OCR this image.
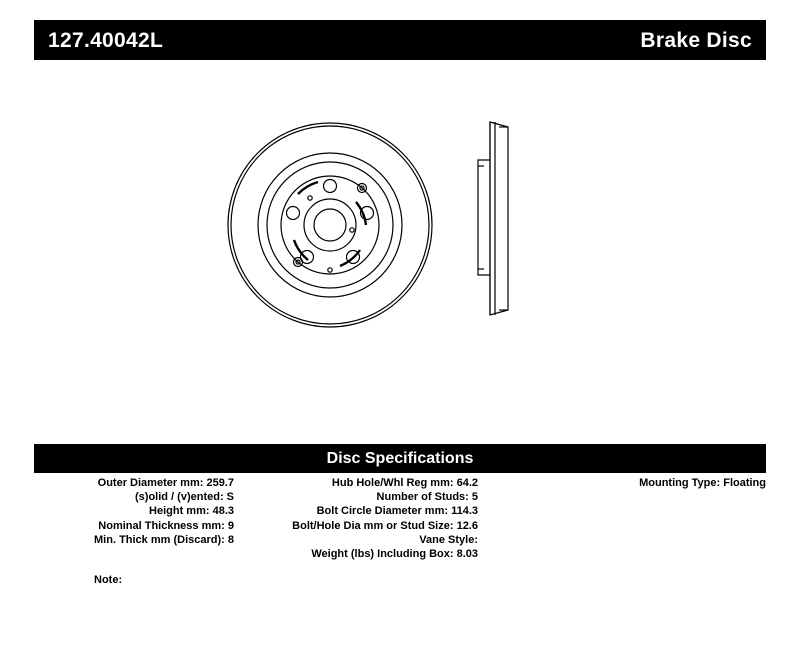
127.40042L	Brake Disc
Disc Specifications
Outer Diameter mm: 259.7
(s)olid / (v)ented: S
Height mm: 48.3
Nominal Thickness mm: 9
Min. Thick mm (Discard): 8
Hub Hole/Whl Reg mm: 64.2
Number of Studs: 5
Bolt Circle Diameter mm: 114.3
Bolt/Hole Dia mm or Stud Size: 12.6
Vane Style:
Weight (lbs) Including Box: 8.03
Mounting Type: Floating
Note:
